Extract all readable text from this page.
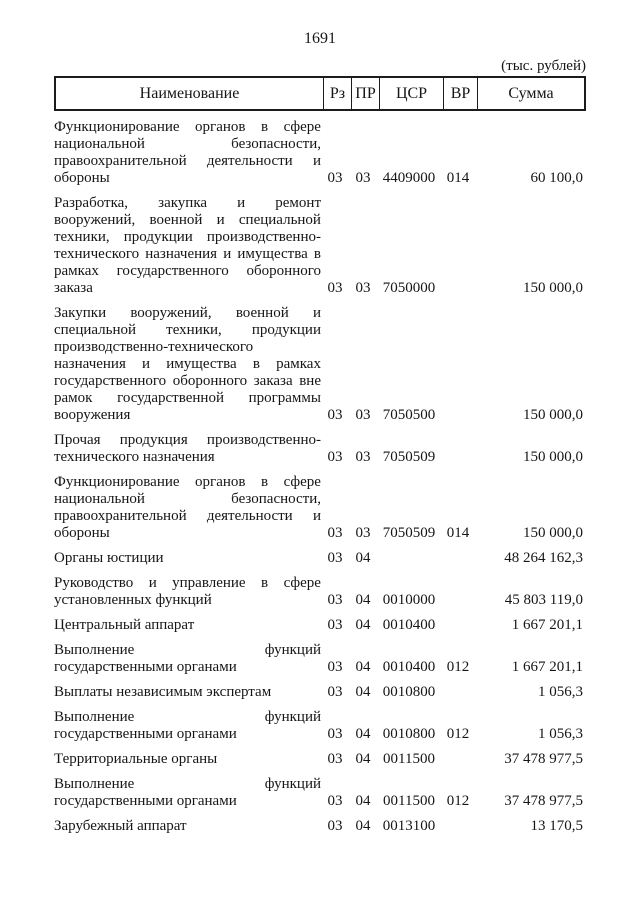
1691
(тыс. рублей)
Наименование	Рз ПР	ЦСР	ВР	Сумма
Функционирование органов в сфере
национальной	безопасности,
правоохранительной деятельности и
обороны	03 03 4409000 014	60 100,0
Разработка, закупка и ремонт
вооружений, военной и специальной
техники, продукции производственно-
технического назначения и имущества в
рамках государственного оборонного
заказа	03 03 7050000	150 000,0
Закупки вооружений, военной и
специальной техники, продукции
производственно-технического
назначения и имущества в рамках
государственного оборонного заказа вне
рамок государственной программы
вооружения	03 03 7050500	150 000,0
Прочая продукция производственно-
технического назначения	03 03 7050509	150 000,0
Функционирование органов в сфере
национальной	безопасности,
правоохранительной деятельности и
обороны	03 03 7050509 014	150 000,0
Органы юстиции	03 04	48 264 162,3
Руководство и управление в сфере
установленных функций	03 04 0010000	45 803 119,0
Центральный аппарат	03 04 0010400	1 667 201,1
Выполнение	функций
государственными органами	03 04 0010400 012	1 667 201,1
Выплаты независимым экспертам	03 04 0010800	1 056,3
Выполнение	функций
государственными органами	03 04 0010800 012	1 056,3
Территориальные органы	03 04 0011500	37 478 977,5
Выполнение	функций
государственными органами	03 04 0011500 012	37 478 977,5
Зарубежный аппарат	03 04 0013100	13 170,5
